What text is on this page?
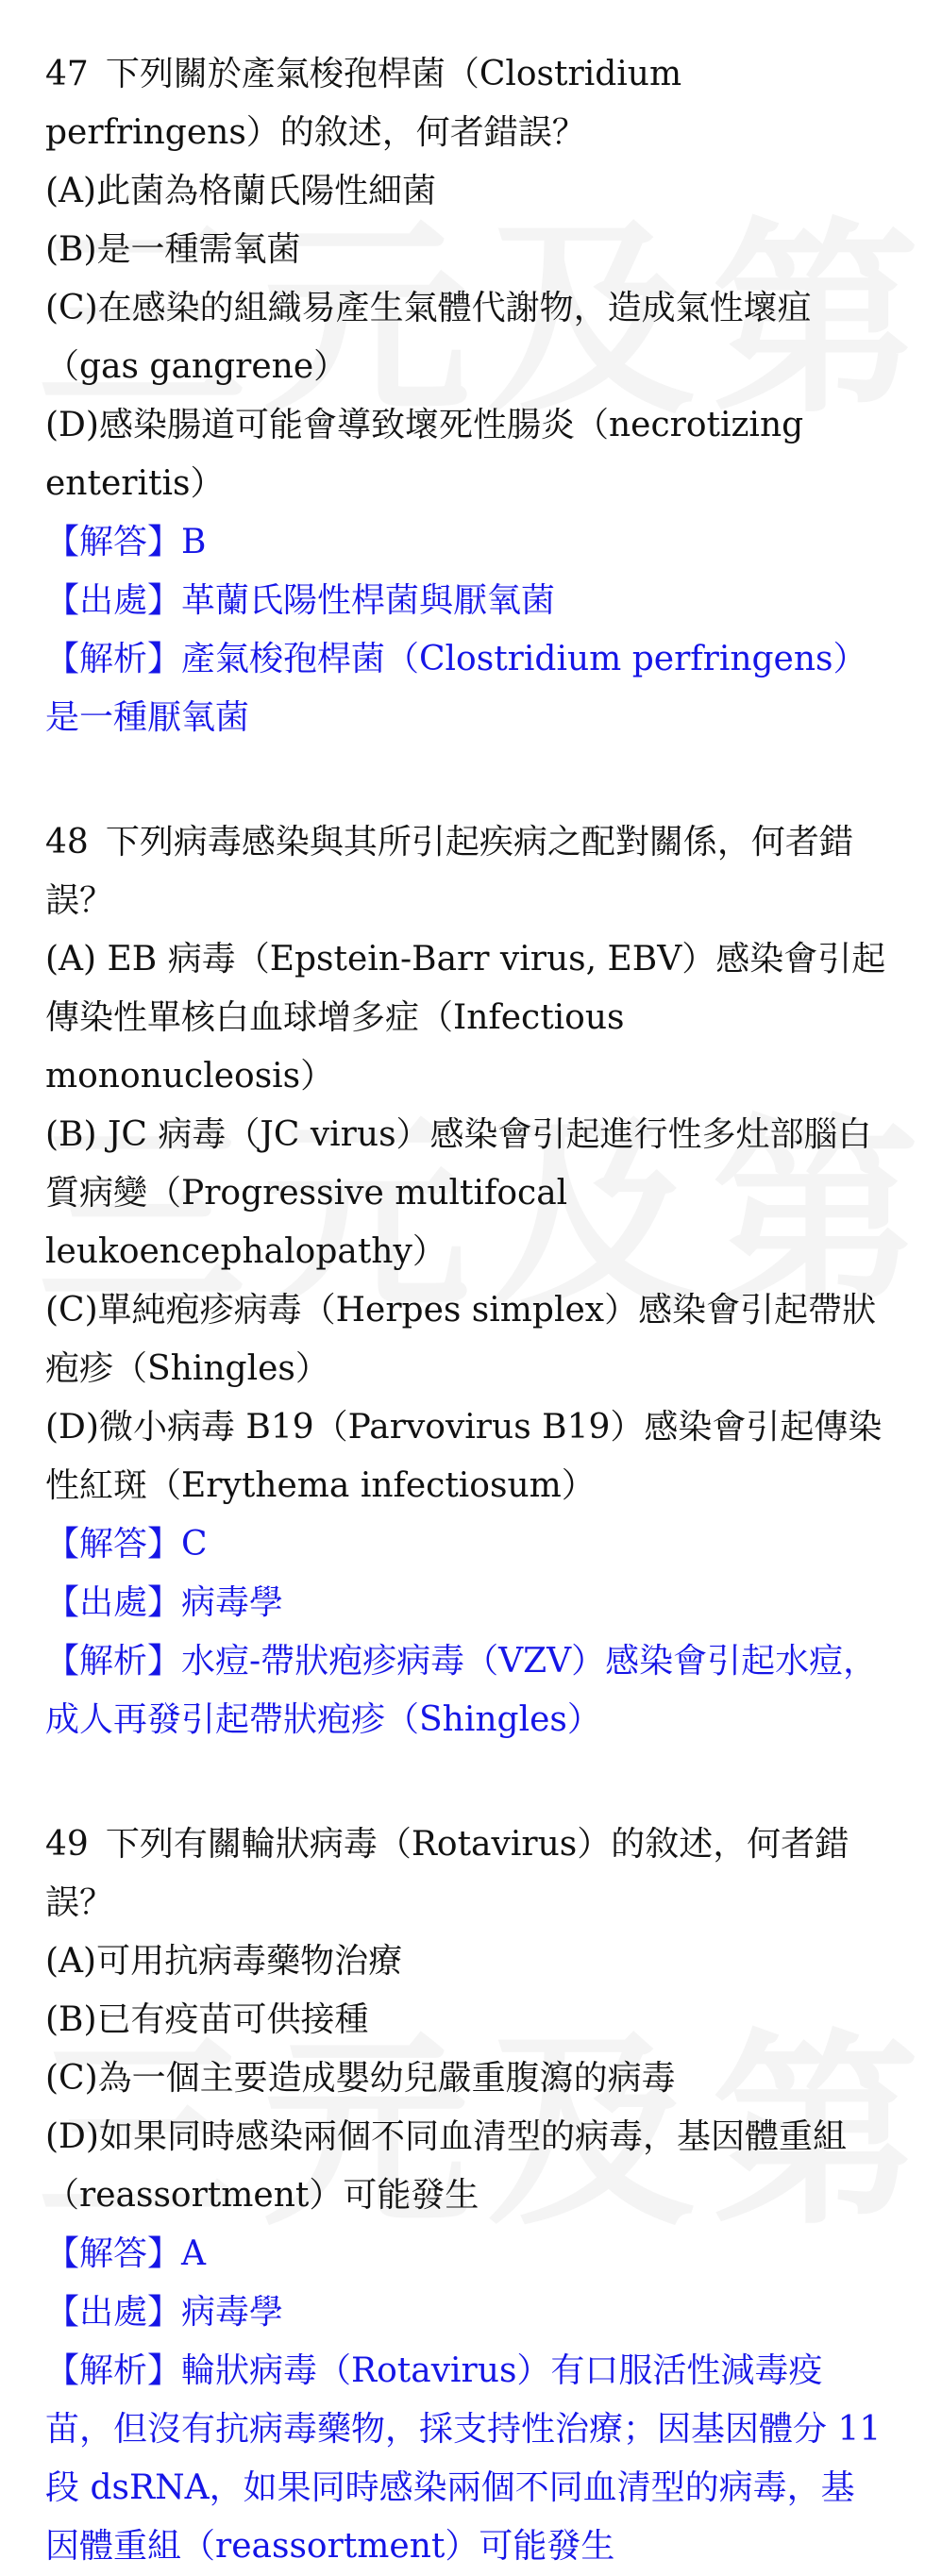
47 下列關於產氣梭孢桿菌（Clostridium perfringens）的敘述，何者錯誤？

(A)此菌為格蘭氏陽性細菌

(B)是一種需氧菌

(C)在感染的組織易產生氣體代謝物，造成氣性壞疽（gas gangrene）

(D)感染腸道可能會導致壞死性腸炎（necrotizing enteritis）

【解答】B

【出處】革蘭氏陽性桿菌與厭氧菌

【解析】產氣梭孢桿菌（Clostridium perfringens）是一種厭氧菌

48 下列病毒感染與其所引起疾病之配對關係，何者錯誤？

(A) EB 病毒（Epstein-Barr virus, EBV）感染會引起傳染性單核白血球增多症（Infectious mononucleosis）

(B) JC 病毒（JC virus）感染會引起進行性多灶部腦白質病變（Progressive multifocal leukoencephalopathy）

(C)單純疱疹病毒（Herpes simplex）感染會引起帶狀疱疹（Shingles）

(D)微小病毒 B19（Parvovirus B19）感染會引起傳染性紅斑（Erythema infectiosum）

【解答】C

【出處】病毒學

【解析】水痘-帶狀疱疹病毒（VZV）感染會引起水痘，成人再發引起帶狀疱疹（Shingles）

49 下列有關輪狀病毒（Rotavirus）的敘述，何者錯誤？

(A)可用抗病毒藥物治療

(B)已有疫苗可供接種

(C)為一個主要造成嬰幼兒嚴重腹瀉的病毒

(D)如果同時感染兩個不同血清型的病毒，基因體重組（reassortment）可能發生

【解答】A

【出處】病毒學

【解析】輪狀病毒（Rotavirus）有口服活性減毒疫苗，但沒有抗病毒藥物，採支持性治療；因基因體分 11 段 dsRNA，如果同時感染兩個不同血清型的病毒，基因體重組（reassortment）可能發生
